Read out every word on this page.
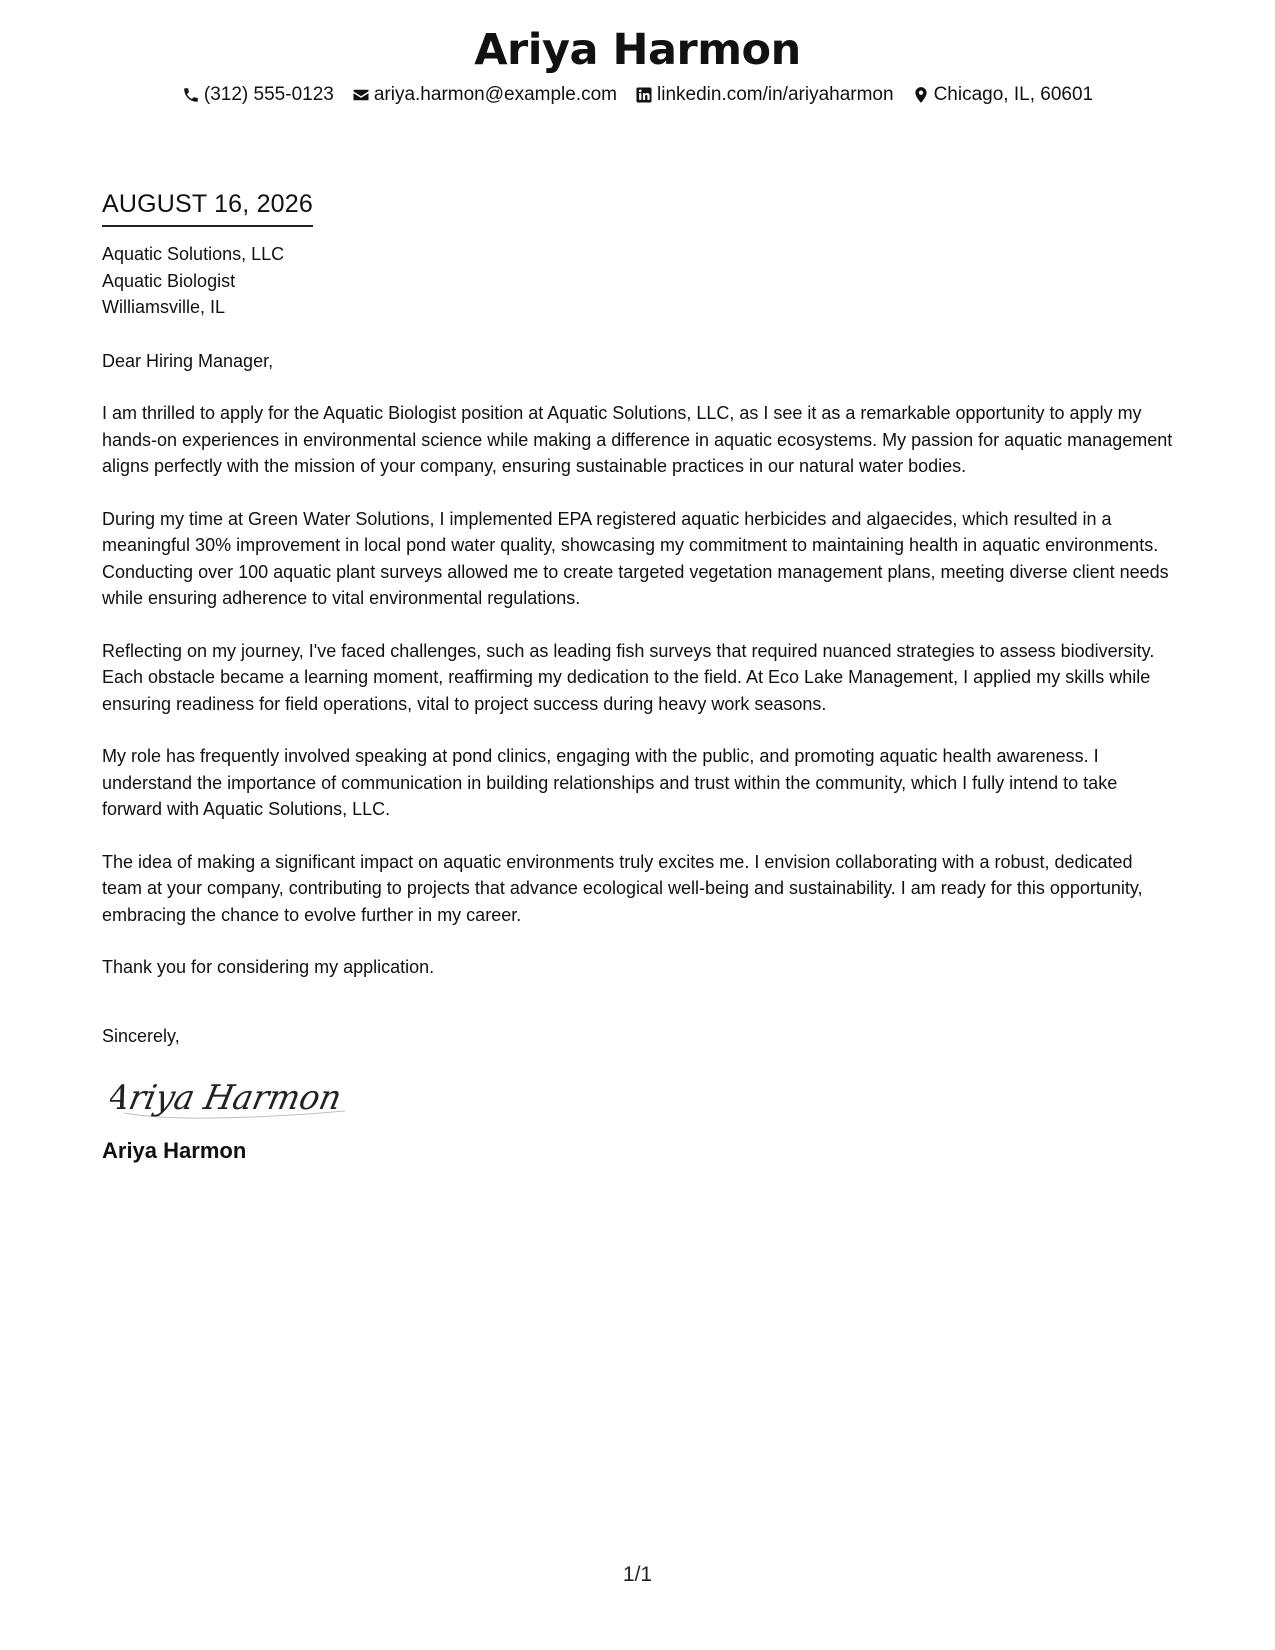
Ariya Harmon
(312) 555-0123 ariya.harmon@example.com linkedin.com/in/ariyaharmon Chicago, IL, 60601
AUGUST 16, 2026
Aquatic Solutions, LLC
Aquatic Biologist
Williamsville, IL
Dear Hiring Manager,

I am thrilled to apply for the Aquatic Biologist position at Aquatic Solutions, LLC, as I see it as a remarkable opportunity to apply my hands-on experiences in environmental science while making a difference in aquatic ecosystems. My passion for aquatic management aligns perfectly with the mission of your company, ensuring sustainable practices in our natural water bodies.

During my time at Green Water Solutions, I implemented EPA registered aquatic herbicides and algaecides, which resulted in a meaningful 30% improvement in local pond water quality, showcasing my commitment to maintaining health in aquatic environments. Conducting over 100 aquatic plant surveys allowed me to create targeted vegetation management plans, meeting diverse client needs while ensuring adherence to vital environmental regulations.

Reflecting on my journey, I've faced challenges, such as leading fish surveys that required nuanced strategies to assess biodiversity. Each obstacle became a learning moment, reaffirming my dedication to the field. At Eco Lake Management, I applied my skills while ensuring readiness for field operations, vital to project success during heavy work seasons.

My role has frequently involved speaking at pond clinics, engaging with the public, and promoting aquatic health awareness. I understand the importance of communication in building relationships and trust within the community, which I fully intend to take forward with Aquatic Solutions, LLC.

The idea of making a significant impact on aquatic environments truly excites me. I envision collaborating with a robust, dedicated team at your company, contributing to projects that advance ecological well-being and sustainability. I am ready for this opportunity, embracing the chance to evolve further in my career.

Thank you for considering my application.

Sincerely,
Ariya Harmon
Ariya Harmon
1/1
